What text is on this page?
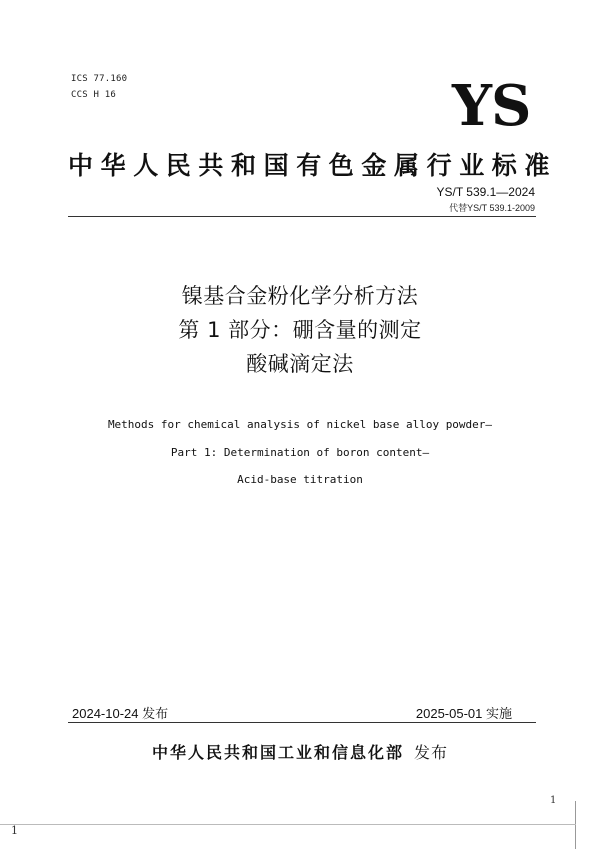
ICS 77.160
CCS H 16	YS
中华人民共和国有色金属行业标准
YS/T 539.1—2024
代替YS/T 539.1-2009
镍基合金粉化学分析方法
第 1 部分：硼含量的测定
酸碱滴定法
Methods for chemical analysis of nickel base alloy powder—
Part 1: Determination of boron content—
Acid-base titration
2024-10-24 发布	2025-05-01 实施
中华人民共和国工业和信息化部 发布
1
1
